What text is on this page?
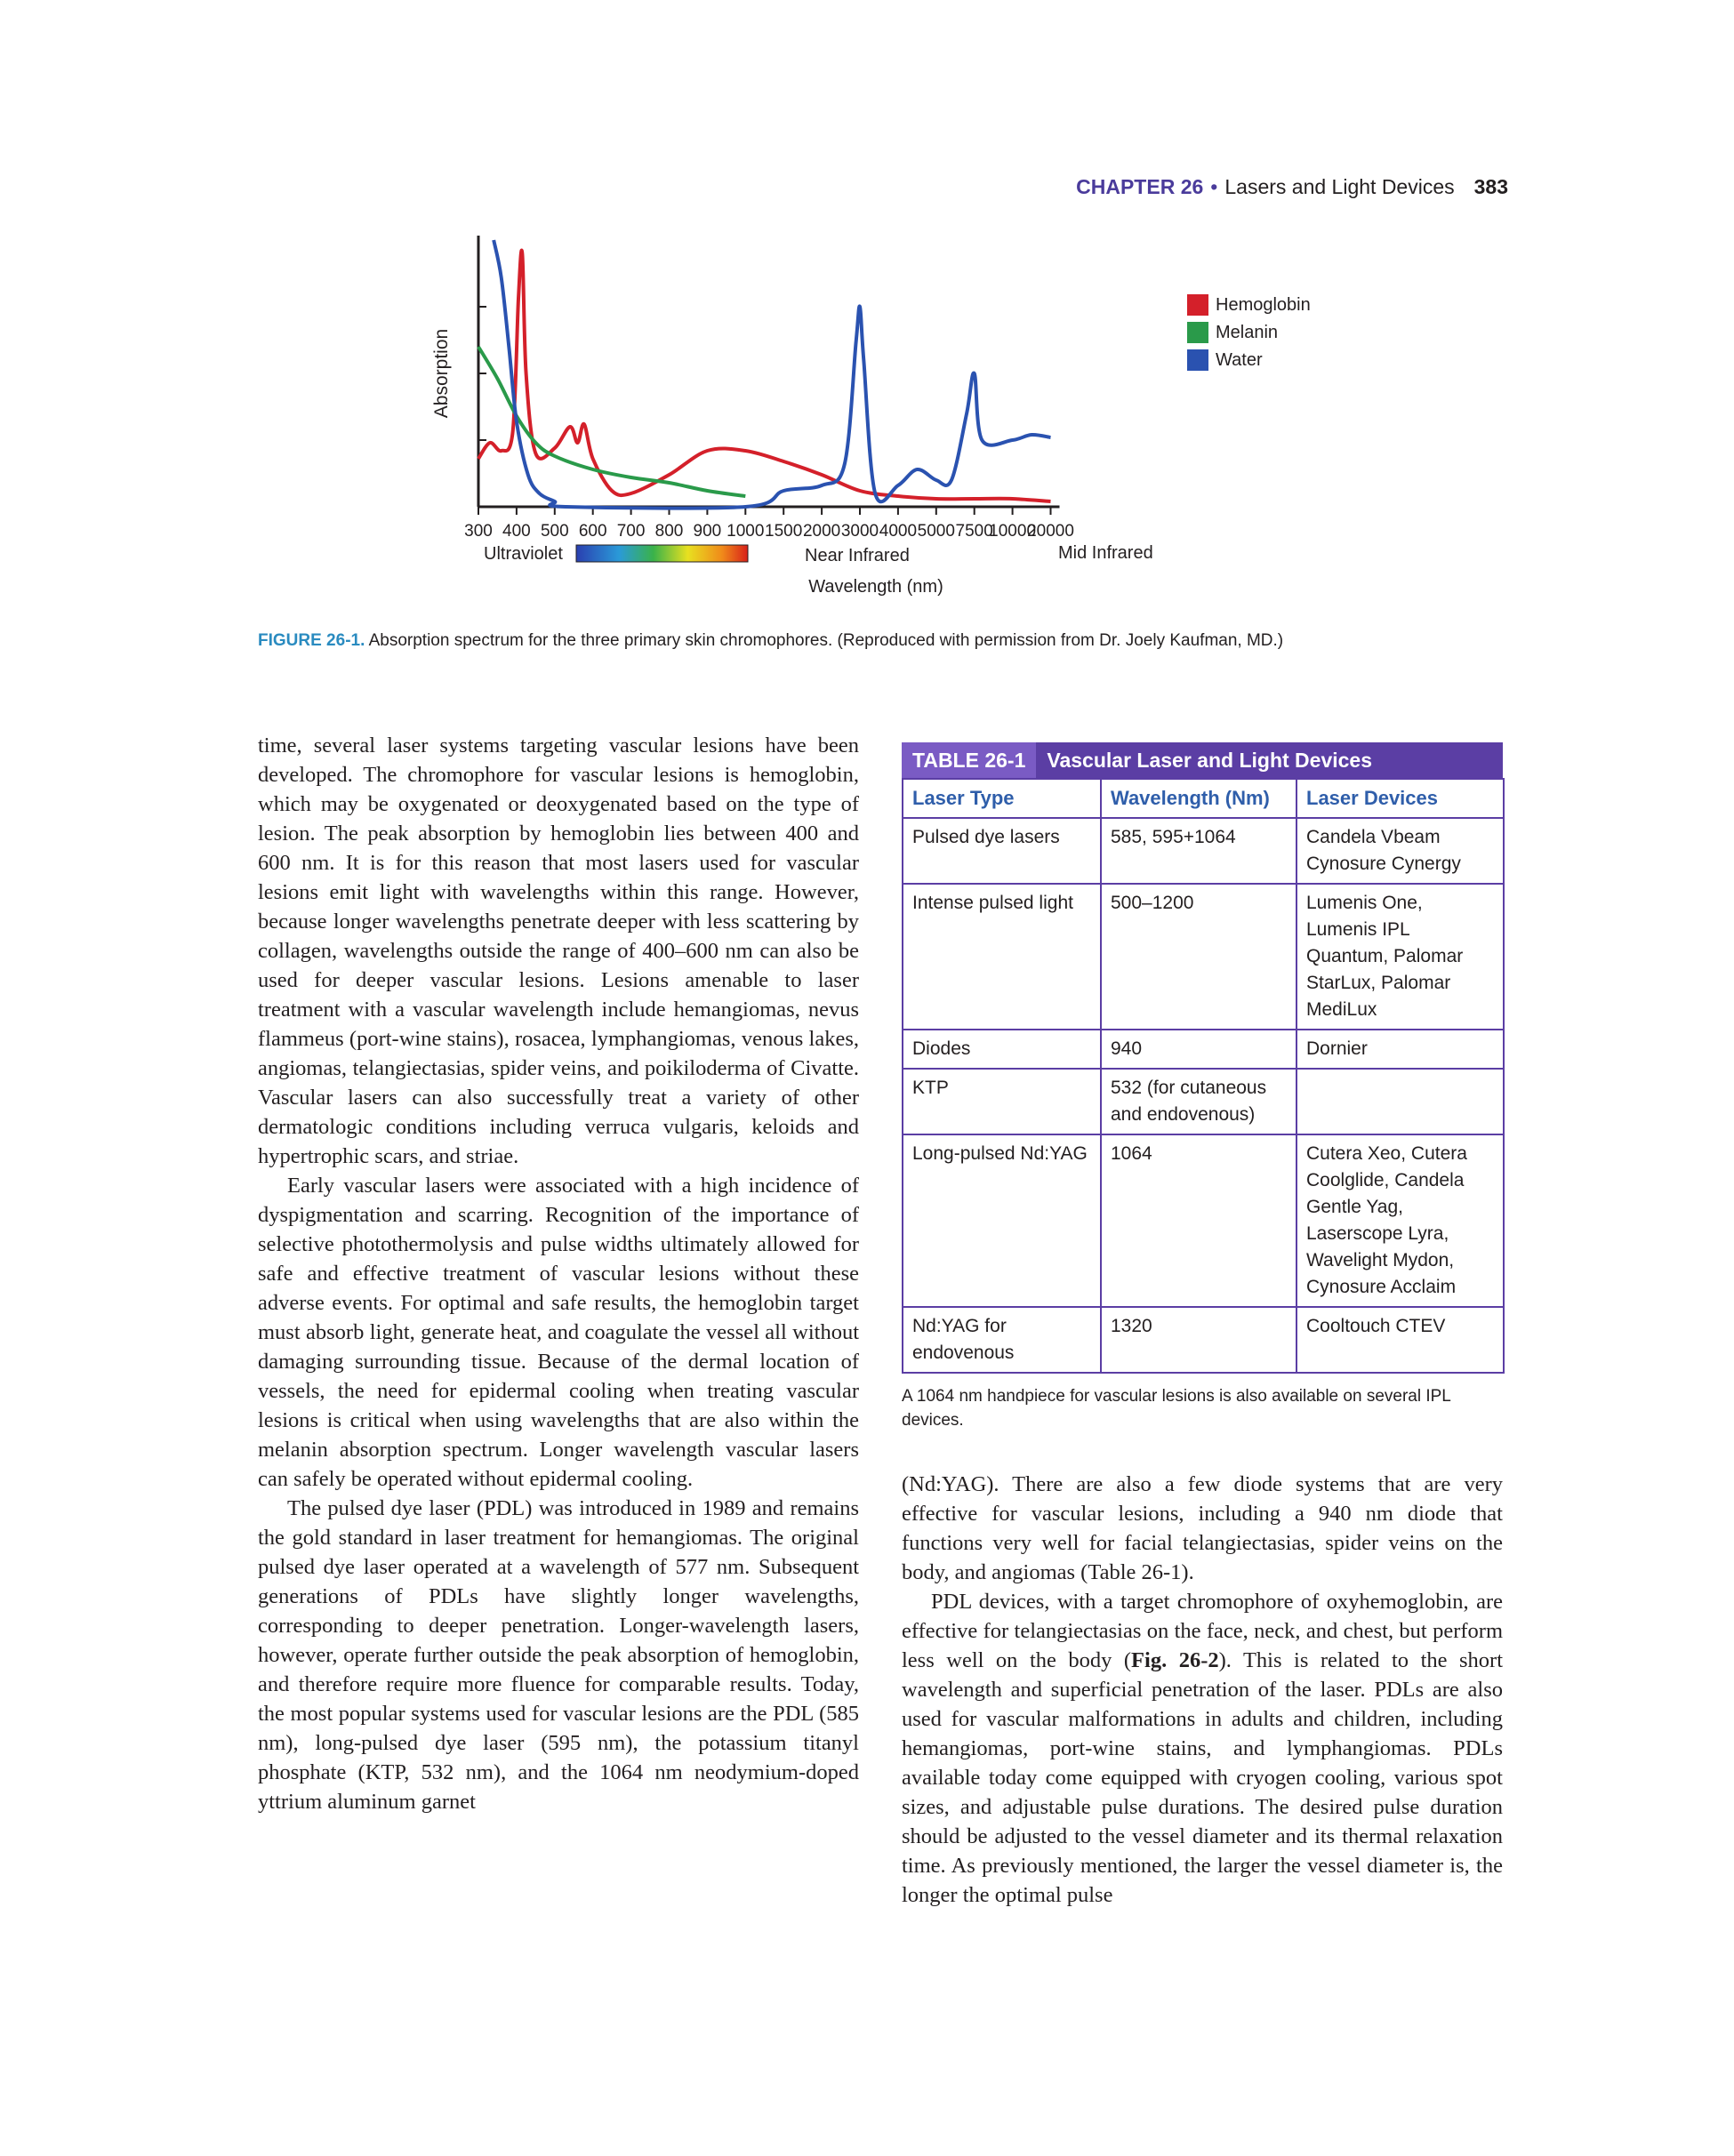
CHAPTER 26 • Lasers and Light Devices 383
300 400 500 600 700 800 900 1000 1500 2000 3000 4000 5000 7500
10000
20000
Hemoglobin
Melanin
Water
Absorption
Ultraviolet	Near Infrared	Mid Infrared
Wavelength (nm)
FIGURE 26-1. Absorption spectrum for the three primary skin chromophores. (Reproduced with permission from Dr. Joely Kaufman, MD.)

time, several laser systems targeting vascular lesions have been developed. The chromophore for vascular lesions is hemoglobin, which may be oxygenated or deoxygenated based on the type of lesion. The peak absorption by hemoglobin lies between 400 and 600 nm. It is for this reason that most lasers used for vascular lesions emit light with wavelengths within this range. However, because longer wavelengths penetrate deeper with less scattering by collagen, wavelengths outside the range of 400–600 nm can also be used for deeper vascular lesions. Lesions amenable to laser treatment with a vascular wavelength include hemangiomas, nevus flammeus (port-wine stains), rosacea, lymphangiomas, venous lakes, angiomas, telangiectasias, spider veins, and poikiloderma of Civatte. Vascular lasers can also successfully treat a variety of other dermatologic conditions including verruca vulgaris, keloids and hypertrophic scars, and striae.

Early vascular lasers were associated with a high incidence of dyspigmentation and scarring. Recognition of the importance of selective photothermolysis and pulse widths ultimately allowed for safe and effective treatment of vascular lesions without these adverse events. For optimal and safe results, the hemoglobin target must absorb light, generate heat, and coagulate the vessel all without damaging surrounding tissue. Because of the dermal location of vessels, the need for epidermal cooling when treating vascular lesions is critical when using wavelengths that are also within the melanin absorption spectrum. Longer wavelength vascular lasers can safely be operated without epidermal cooling.

The pulsed dye laser (PDL) was introduced in 1989 and remains the gold standard in laser treatment for hemangiomas. The original pulsed dye laser operated at a wavelength of 577 nm. Subsequent generations of PDLs have slightly longer wavelengths, corresponding to deeper penetration. Longer-wavelength lasers, however, operate further outside the peak absorption of hemoglobin, and therefore require more fluence for comparable results. Today, the most popular systems used for vascular lesions are the PDL (585 nm), long-pulsed dye laser (595 nm), the potassium titanyl phosphate (KTP, 532 nm), and the 1064 nm neodymium-doped yttrium aluminum garnet

TABLE 26-1	Vascular Laser and Light Devices
Laser Type	Wavelength (Nm)	Laser Devices
Pulsed dye lasers	585, 595+1064	Candela Vbeam Cynosure Cynergy
Intense pulsed light	500–1200	Lumenis One, Lumenis IPL Quantum, Palomar StarLux, Palomar MediLux
Diodes	940	Dornier
KTP	532 (for cutaneous and endovenous)	
Long-pulsed Nd:YAG	1064	Cutera Xeo, Cutera Coolglide, Candela Gentle Yag, Laserscope Lyra, Wavelight Mydon, Cynosure Acclaim
Nd:YAG for endovenous	1320	Cooltouch CTEV
A 1064 nm handpiece for vascular lesions is also available on several IPL devices.

(Nd:YAG). There are also a few diode systems that are very effective for vascular lesions, including a 940 nm diode that functions very well for facial telangiectasias, spider veins on the body, and angiomas (Table 26-1).

PDL devices, with a target chromophore of oxyhemoglobin, are effective for telangiectasias on the face, neck, and chest, but perform less well on the body (Fig. 26-2). This is related to the short wavelength and superficial penetration of the laser. PDLs are also used for vascular malformations in adults and children, including hemangiomas, port-wine stains, and lymphangiomas. PDLs available today come equipped with cryogen cooling, various spot sizes, and adjustable pulse durations. The desired pulse duration should be adjusted to the vessel diameter and its thermal relaxation time. As previously mentioned, the larger the vessel diameter is, the longer the optimal pulse
